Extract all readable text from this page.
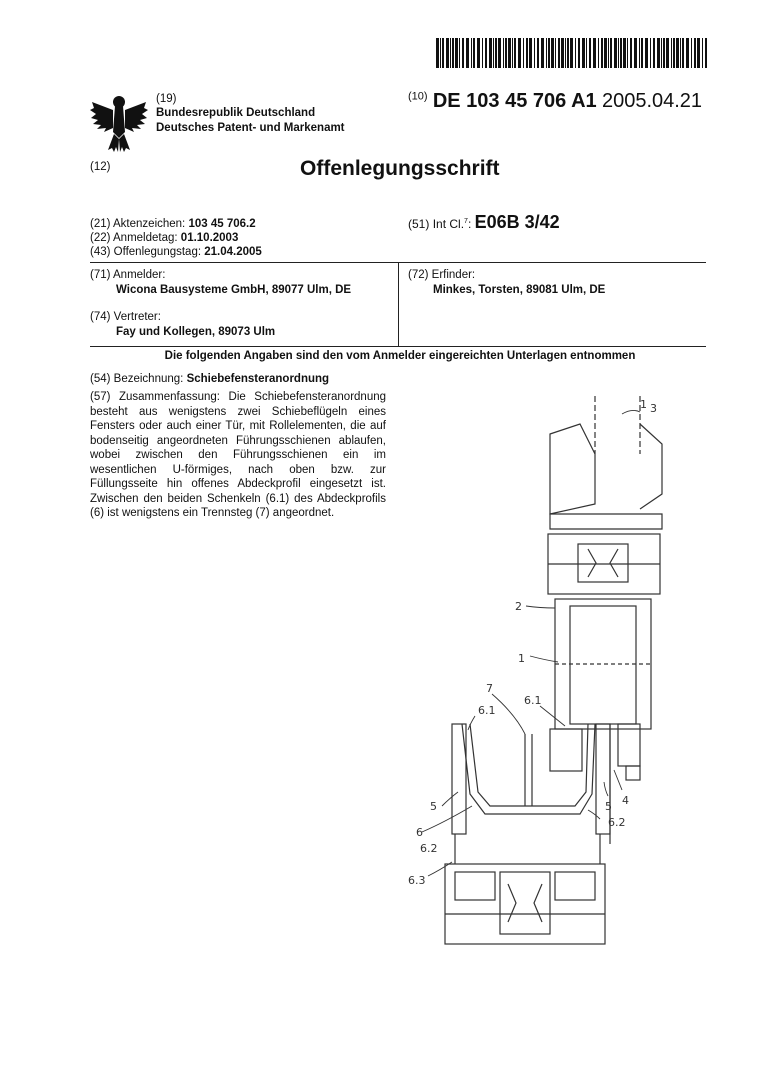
(19)
Bundesrepublik Deutschland
Deutsches Patent- und Markenamt
$^{(10)}$ DE 103 45 706 A1 2005.04.21
(12)	Offenlegungsschrift
(21) Aktenzeichen: 103 45 706.2
(22) Anmeldetag: 01.10.2003
(43) Offenlegungstag: 21.04.2005
(51) Int Cl.$^7$: E06B 3/42
(71) Anmelder:
Wicona Bausysteme GmbH, 89077 Ulm, DE
(72) Erfinder:
Minkes, Torsten, 89081 Ulm, DE
(74) Vertreter:
Fay und Kollegen, 89073 Ulm
Die folgenden Angaben sind den vom Anmelder eingereichten Unterlagen entnommen
(54) Bezeichnung: Schiebefensteranordnung
(57) Zusammenfassung: Die Schiebefensteranordnung besteht aus wenigstens zwei Schiebeflügeln eines Fensters oder auch einer Tür, mit Rollelementen, die auf bodenseitig angeordneten Führungsschienen ablaufen, wobei zwischen den Führungsschienen ein im wesentlichen U-förmiges, nach oben bzw. zur Füllungsseite hin offenes Abdeckprofil eingesetzt ist. Zwischen den beiden Schenkeln (6.1) des Abdeckprofils (6) ist wenigstens ein Trennsteg (7) angeordnet.
3
1
2
1
7
6.1
6.1
5	5 4
6
6.2
6.2
6.3
